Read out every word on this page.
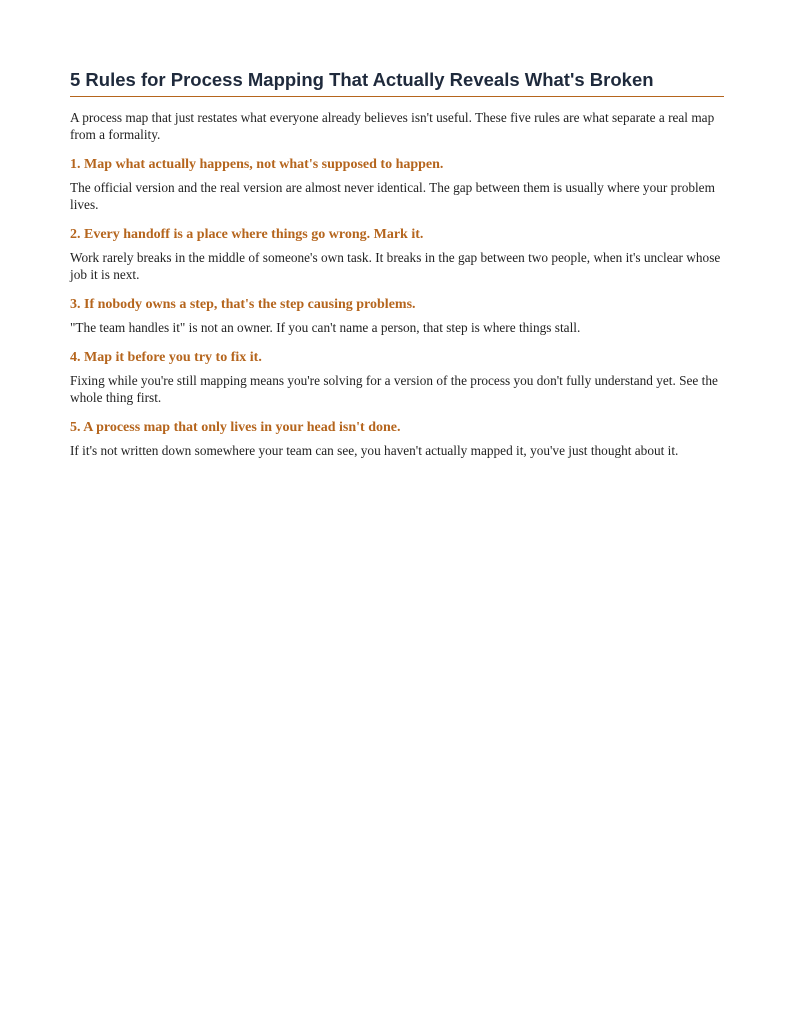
5 Rules for Process Mapping That Actually Reveals What's Broken

A process map that just restates what everyone already believes isn't useful. These five rules are what separate a real map from a formality.

1. Map what actually happens, not what's supposed to happen.

The official version and the real version are almost never identical. The gap between them is usually where your problem lives.

2. Every handoff is a place where things go wrong. Mark it.

Work rarely breaks in the middle of someone's own task. It breaks in the gap between two people, when it's unclear whose job it is next.

3. If nobody owns a step, that's the step causing problems.

"The team handles it" is not an owner. If you can't name a person, that step is where things stall.

4. Map it before you try to fix it.

Fixing while you're still mapping means you're solving for a version of the process you don't fully understand yet. See the whole thing first.

5. A process map that only lives in your head isn't done.

If it's not written down somewhere your team can see, you haven't actually mapped it, you've just thought about it.
